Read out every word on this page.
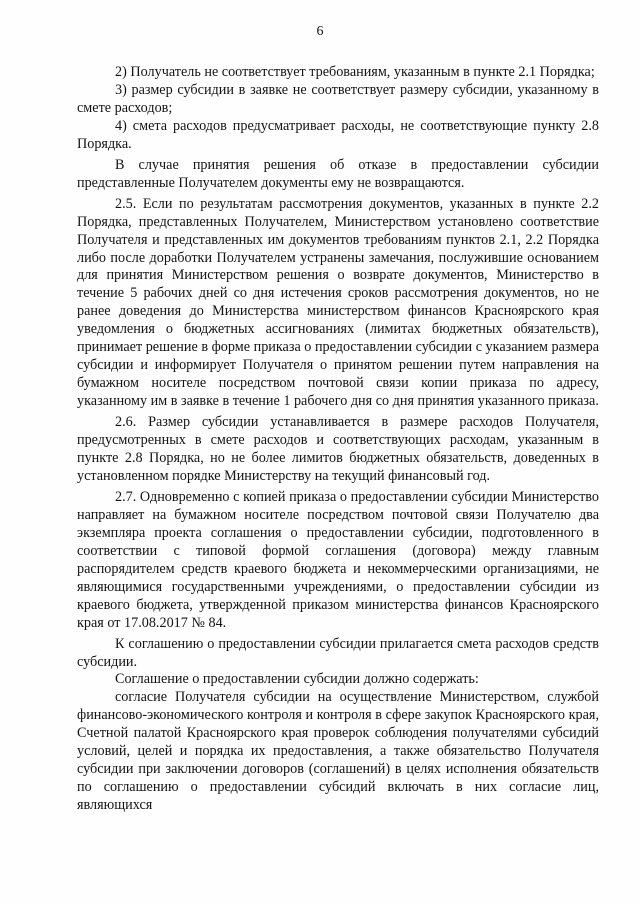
6

2) Получатель не соответствует требованиям, указанным в пункте 2.1 Порядка;

3) размер субсидии в заявке не соответствует размеру субсидии, указанному в смете расходов;

4) смета расходов предусматривает расходы, не соответствующие пункту 2.8 Порядка.

В случае принятия решения об отказе в предоставлении субсидии представленные Получателем документы ему не возвращаются.

2.5. Если по результатам рассмотрения документов, указанных в пункте 2.2 Порядка, представленных Получателем, Министерством установлено соответствие Получателя и представленных им документов требованиям пунктов 2.1, 2.2 Порядка либо после доработки Получателем устранены замечания, послужившие основанием для принятия Министерством решения о возврате документов, Министерство в течение 5 рабочих дней со дня истечения сроков рассмотрения документов, но не ранее доведения до Министерства министерством финансов Красноярского края уведомления о бюджетных ассигнованиях (лимитах бюджетных обязательств), принимает решение в форме приказа о предоставлении субсидии с указанием размера субсидии и информирует Получателя о принятом решении путем направления на бумажном носителе посредством почтовой связи копии приказа по адресу, указанному им в заявке в течение 1 рабочего дня со дня принятия указанного приказа.

2.6. Размер субсидии устанавливается в размере расходов Получателя, предусмотренных в смете расходов и соответствующих расходам, указанным в пункте 2.8 Порядка, но не более лимитов бюджетных обязательств, доведенных в установленном порядке Министерству на текущий финансовый год.

2.7. Одновременно с копией приказа о предоставлении субсидии Министерство направляет на бумажном носителе посредством почтовой связи Получателю два экземпляра проекта соглашения о предоставлении субсидии, подготовленного в соответствии с типовой формой соглашения (договора) между главным распорядителем средств краевого бюджета и некоммерческими организациями, не являющимися государственными учреждениями, о предоставлении субсидии из краевого бюджета, утвержденной приказом министерства финансов Красноярского края от 17.08.2017 № 84.

К соглашению о предоставлении субсидии прилагается смета расходов средств субсидии.

Соглашение о предоставлении субсидии должно содержать:

согласие Получателя субсидии на осуществление Министерством, службой финансово-экономического контроля и контроля в сфере закупок Красноярского края, Счетной палатой Красноярского края проверок соблюдения получателями субсидий условий, целей и порядка их предоставления, а также обязательство Получателя субсидии при заключении договоров (соглашений) в целях исполнения обязательств по соглашению о предоставлении субсидий включать в них согласие лиц, являющихся
